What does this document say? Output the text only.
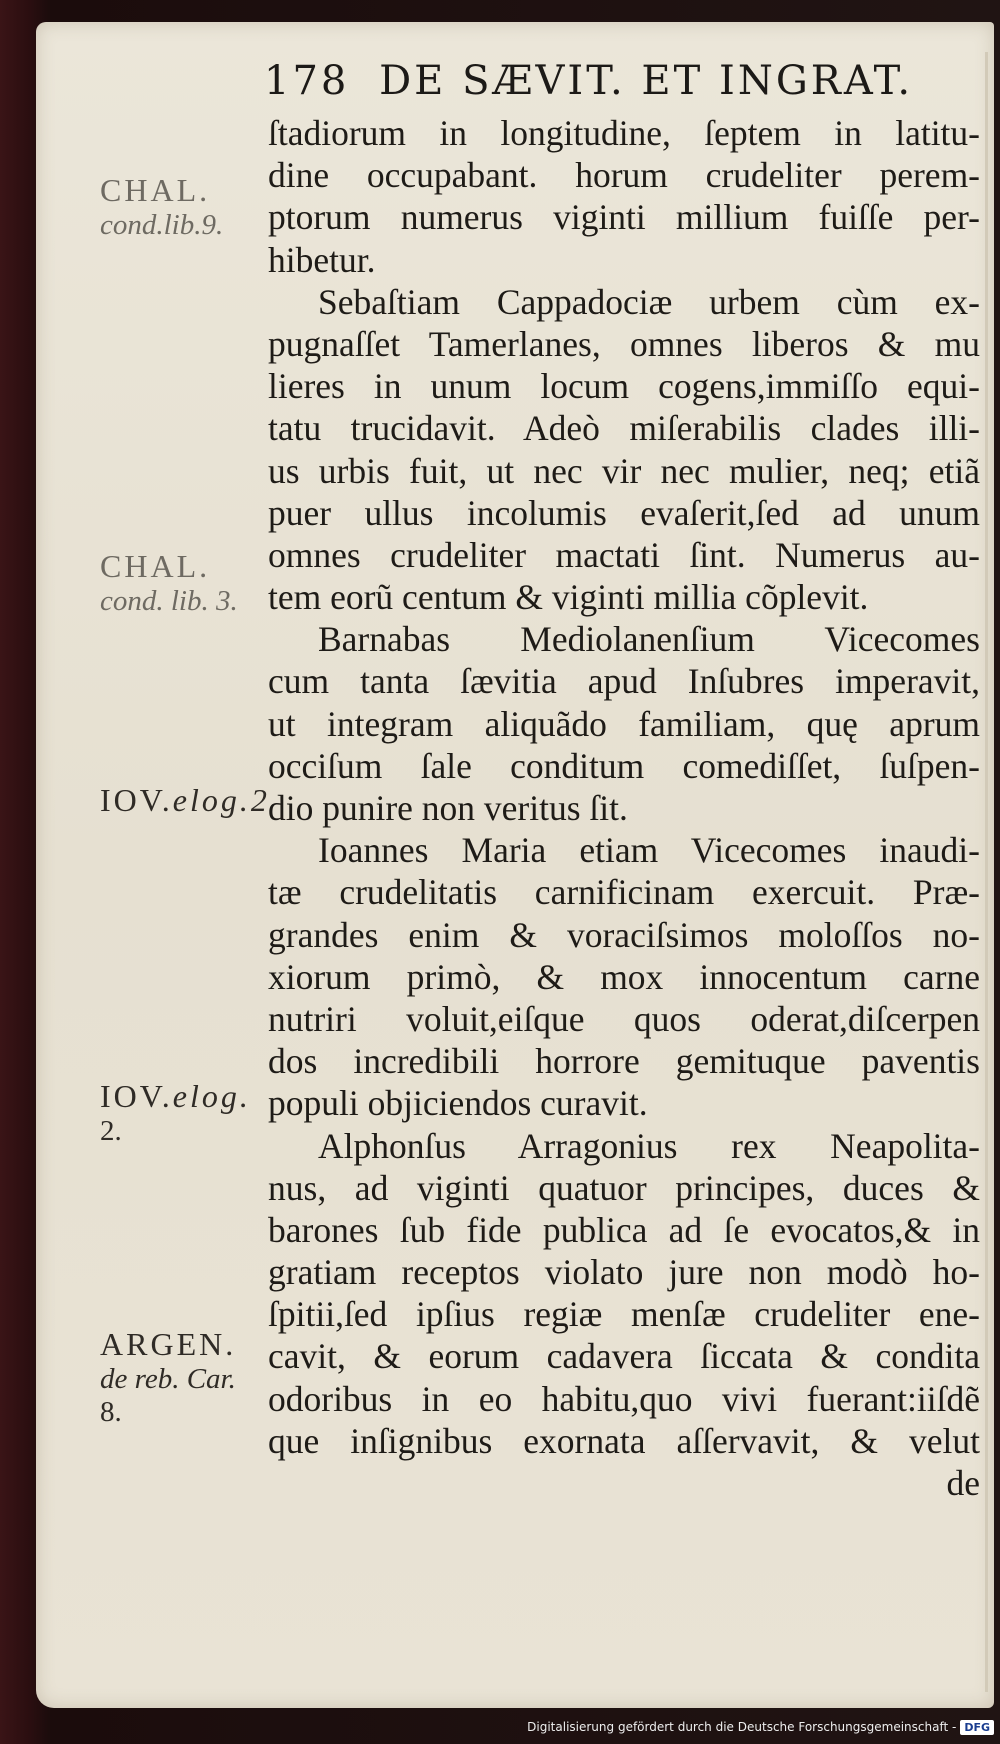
178 DE SÆVIT. ET INGRAT.
ſtadiorum in longitudine, ſeptem in latitu-
dine occupabant. horum crudeliter perem-
ptorum numerus viginti millium fuiſſe per-
hibetur.
Sebaſtiam Cappadociæ urbem cùm ex-
pugnaſſet Tamerlanes, omnes liberos & mu
lieres in unum locum cogens,immiſſo equi-
tatu trucidavit. Adeò miſerabilis clades illi-
us urbis fuit, ut nec vir nec mulier, neq; etiã
puer ullus incolumis evaſerit,ſed ad unum
omnes crudeliter mactati ſint. Numerus au-
tem eorũ centum & viginti millia cõplevit.
Barnabas Mediolanenſium Vicecomes
cum tanta ſævitia apud Inſubres imperavit,
ut integram aliquãdo familiam, quę aprum
occiſum ſale conditum comediſſet, ſuſpen-
dio punire non veritus ſit.
Ioannes Maria etiam Vicecomes inaudi-
tæ crudelitatis carnificinam exercuit. Præ-
grandes enim & voraciſsimos moloſſos no-
xiorum primò, & mox innocentum carne
nutriri voluit,eiſque quos oderat,diſcerpen
dos incredibili horrore gemituque paventis
populi objiciendos curavit.
Alphonſus Arragonius rex Neapolita-
nus, ad viginti quatuor principes, duces &
barones ſub fide publica ad ſe evocatos,& in
gratiam receptos violato jure non modò ho-
ſpitii,ſed ipſius regiæ menſæ crudeliter ene-
cavit, & eorum cadavera ſiccata & condita
odoribus in eo habitu,quo vivi fuerant:iiſdẽ
que inſignibus exornata aſſervavit, & velut
de
CHAL.
cond.lib.9.
CHAL.
cond. lib. 3.
IOV.elog.2
IOV.elog.
2.
ARGEN.
de reb. Car.
8.
Digitalisierung gefördert durch die Deutsche Forschungsgemeinschaft - DFG
